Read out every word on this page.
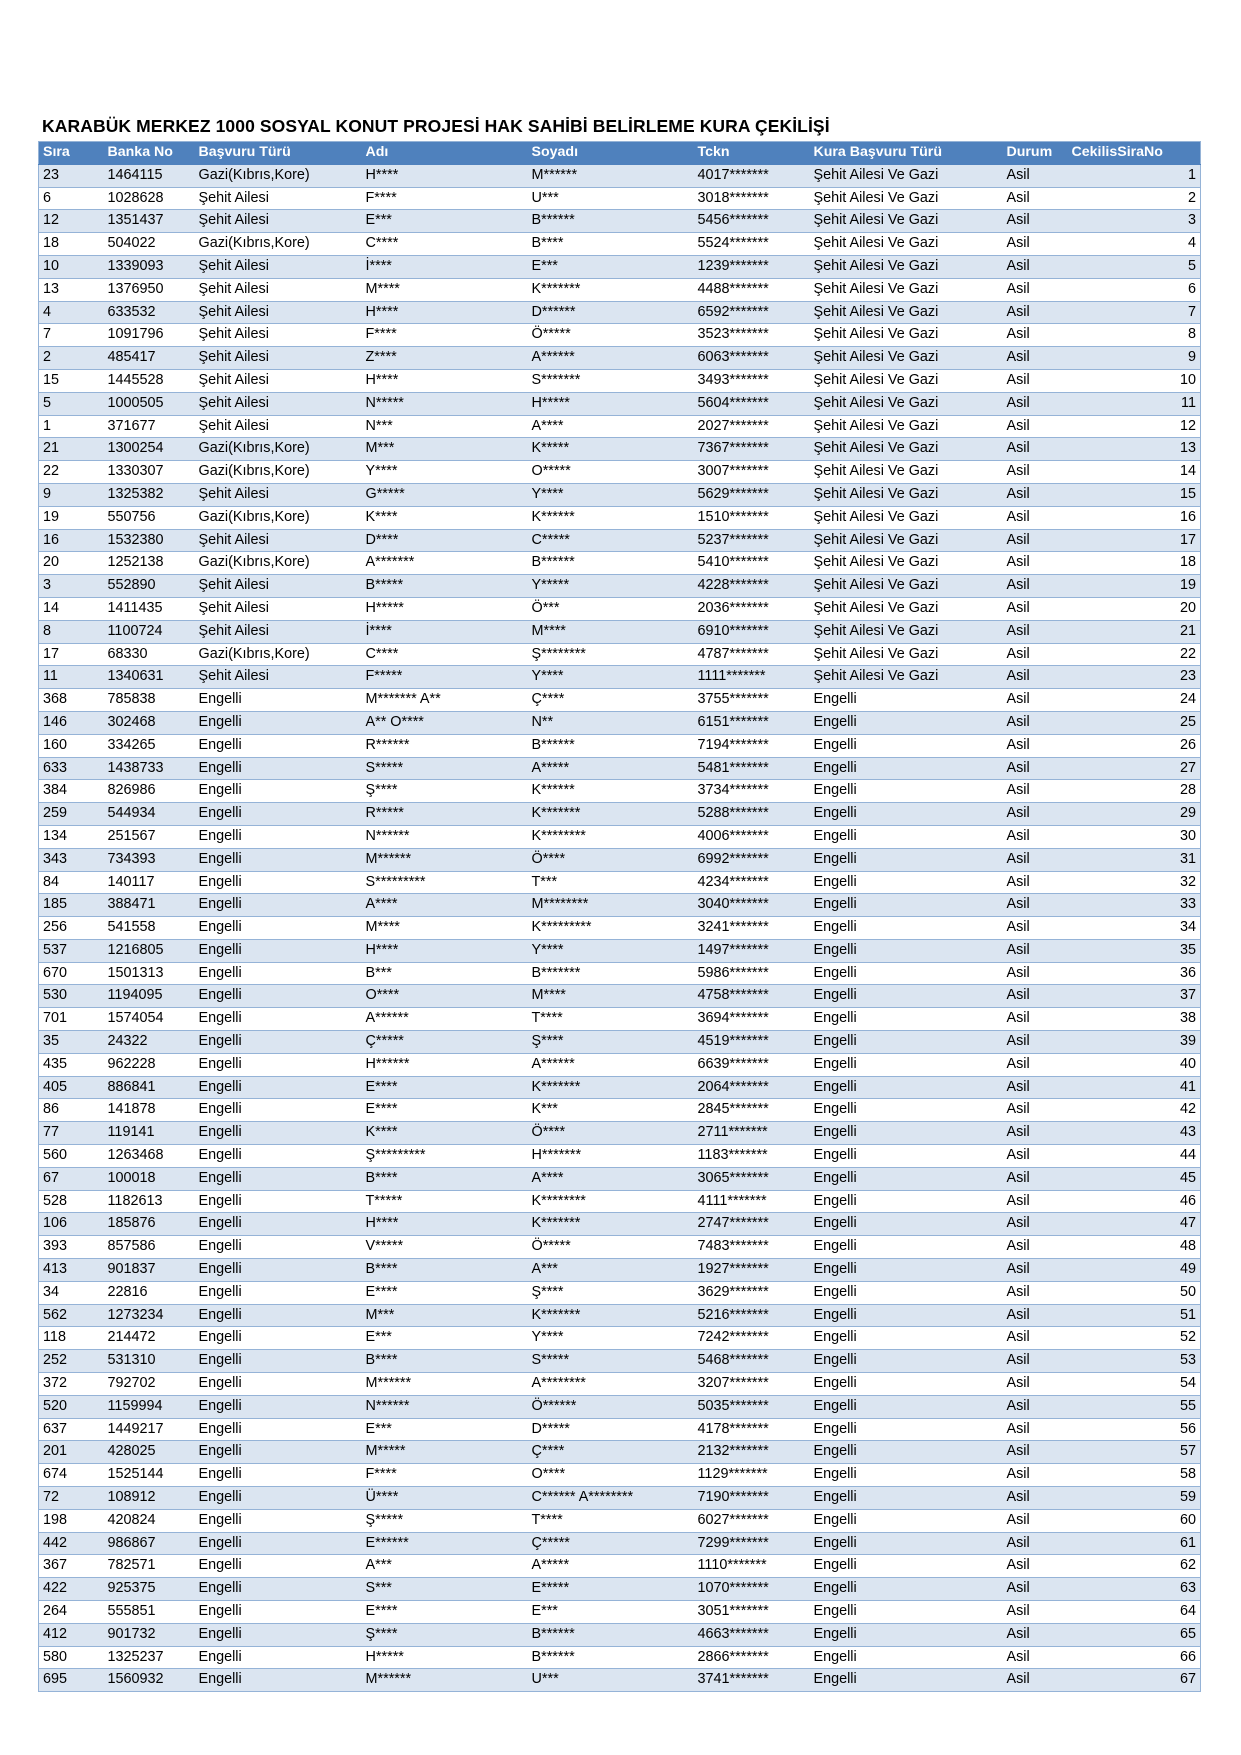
KARABÜK MERKEZ 1000 SOSYAL KONUT PROJESİ HAK SAHİBİ BELİRLEME KURA ÇEKİLİŞİ
Sıra	Banka No	Başvuru Türü	Adı	Soyadı	Tckn	Kura Başvuru Türü	Durum	CekilisSiraNo
23	1464115	Gazi(Kıbrıs,Kore)	H****	M******	4017*******	Şehit Ailesi Ve Gazi	Asil	1
6	1028628	Şehit Ailesi	F****	U***	3018*******	Şehit Ailesi Ve Gazi	Asil	2
12	1351437	Şehit Ailesi	E***	B******	5456*******	Şehit Ailesi Ve Gazi	Asil	3
18	504022	Gazi(Kıbrıs,Kore)	C****	B****	5524*******	Şehit Ailesi Ve Gazi	Asil	4
10	1339093	Şehit Ailesi	İ****	E***	1239*******	Şehit Ailesi Ve Gazi	Asil	5
13	1376950	Şehit Ailesi	M****	K*******	4488*******	Şehit Ailesi Ve Gazi	Asil	6
4	633532	Şehit Ailesi	H****	D******	6592*******	Şehit Ailesi Ve Gazi	Asil	7
7	1091796	Şehit Ailesi	F****	Ö*****	3523*******	Şehit Ailesi Ve Gazi	Asil	8
2	485417	Şehit Ailesi	Z****	A******	6063*******	Şehit Ailesi Ve Gazi	Asil	9
15	1445528	Şehit Ailesi	H****	S*******	3493*******	Şehit Ailesi Ve Gazi	Asil	10
5	1000505	Şehit Ailesi	N*****	H*****	5604*******	Şehit Ailesi Ve Gazi	Asil	11
1	371677	Şehit Ailesi	N***	A****	2027*******	Şehit Ailesi Ve Gazi	Asil	12
21	1300254	Gazi(Kıbrıs,Kore)	M***	K*****	7367*******	Şehit Ailesi Ve Gazi	Asil	13
22	1330307	Gazi(Kıbrıs,Kore)	Y****	O*****	3007*******	Şehit Ailesi Ve Gazi	Asil	14
9	1325382	Şehit Ailesi	G*****	Y****	5629*******	Şehit Ailesi Ve Gazi	Asil	15
19	550756	Gazi(Kıbrıs,Kore)	K****	K******	1510*******	Şehit Ailesi Ve Gazi	Asil	16
16	1532380	Şehit Ailesi	D****	C*****	5237*******	Şehit Ailesi Ve Gazi	Asil	17
20	1252138	Gazi(Kıbrıs,Kore)	A*******	B******	5410*******	Şehit Ailesi Ve Gazi	Asil	18
3	552890	Şehit Ailesi	B*****	Y*****	4228*******	Şehit Ailesi Ve Gazi	Asil	19
14	1411435	Şehit Ailesi	H*****	Ö***	2036*******	Şehit Ailesi Ve Gazi	Asil	20
8	1100724	Şehit Ailesi	İ****	M****	6910*******	Şehit Ailesi Ve Gazi	Asil	21
17	68330	Gazi(Kıbrıs,Kore)	C****	Ş********	4787*******	Şehit Ailesi Ve Gazi	Asil	22
11	1340631	Şehit Ailesi	F*****	Y****	1111*******	Şehit Ailesi Ve Gazi	Asil	23
368	785838	Engelli	M******* A**	Ç****	3755*******	Engelli	Asil	24
146	302468	Engelli	A** O****	N**	6151*******	Engelli	Asil	25
160	334265	Engelli	R******	B******	7194*******	Engelli	Asil	26
633	1438733	Engelli	S*****	A*****	5481*******	Engelli	Asil	27
384	826986	Engelli	Ş****	K******	3734*******	Engelli	Asil	28
259	544934	Engelli	R*****	K*******	5288*******	Engelli	Asil	29
134	251567	Engelli	N******	K********	4006*******	Engelli	Asil	30
343	734393	Engelli	M******	Ö****	6992*******	Engelli	Asil	31
84	140117	Engelli	S*********	T***	4234*******	Engelli	Asil	32
185	388471	Engelli	A****	M********	3040*******	Engelli	Asil	33
256	541558	Engelli	M****	K*********	3241*******	Engelli	Asil	34
537	1216805	Engelli	H****	Y****	1497*******	Engelli	Asil	35
670	1501313	Engelli	B***	B*******	5986*******	Engelli	Asil	36
530	1194095	Engelli	O****	M****	4758*******	Engelli	Asil	37
701	1574054	Engelli	A******	T****	3694*******	Engelli	Asil	38
35	24322	Engelli	Ç*****	Ş****	4519*******	Engelli	Asil	39
435	962228	Engelli	H******	A******	6639*******	Engelli	Asil	40
405	886841	Engelli	E****	K*******	2064*******	Engelli	Asil	41
86	141878	Engelli	E****	K***	2845*******	Engelli	Asil	42
77	119141	Engelli	K****	Ö****	2711*******	Engelli	Asil	43
560	1263468	Engelli	Ş*********	H*******	1183*******	Engelli	Asil	44
67	100018	Engelli	B****	A****	3065*******	Engelli	Asil	45
528	1182613	Engelli	T*****	K********	4111*******	Engelli	Asil	46
106	185876	Engelli	H****	K*******	2747*******	Engelli	Asil	47
393	857586	Engelli	V*****	Ö*****	7483*******	Engelli	Asil	48
413	901837	Engelli	B****	A***	1927*******	Engelli	Asil	49
34	22816	Engelli	E****	Ş****	3629*******	Engelli	Asil	50
562	1273234	Engelli	M***	K*******	5216*******	Engelli	Asil	51
118	214472	Engelli	E***	Y****	7242*******	Engelli	Asil	52
252	531310	Engelli	B****	S*****	5468*******	Engelli	Asil	53
372	792702	Engelli	M******	A********	3207*******	Engelli	Asil	54
520	1159994	Engelli	N******	Ö******	5035*******	Engelli	Asil	55
637	1449217	Engelli	E***	D*****	4178*******	Engelli	Asil	56
201	428025	Engelli	M*****	Ç****	2132*******	Engelli	Asil	57
674	1525144	Engelli	F****	O****	1129*******	Engelli	Asil	58
72	108912	Engelli	Ü****	C****** A********	7190*******	Engelli	Asil	59
198	420824	Engelli	Ş*****	T****	6027*******	Engelli	Asil	60
442	986867	Engelli	E******	Ç*****	7299*******	Engelli	Asil	61
367	782571	Engelli	A***	A*****	1110*******	Engelli	Asil	62
422	925375	Engelli	S***	E*****	1070*******	Engelli	Asil	63
264	555851	Engelli	E****	E***	3051*******	Engelli	Asil	64
412	901732	Engelli	Ş****	B******	4663*******	Engelli	Asil	65
580	1325237	Engelli	H*****	B******	2866*******	Engelli	Asil	66
695	1560932	Engelli	M******	U***	3741*******	Engelli	Asil	67
